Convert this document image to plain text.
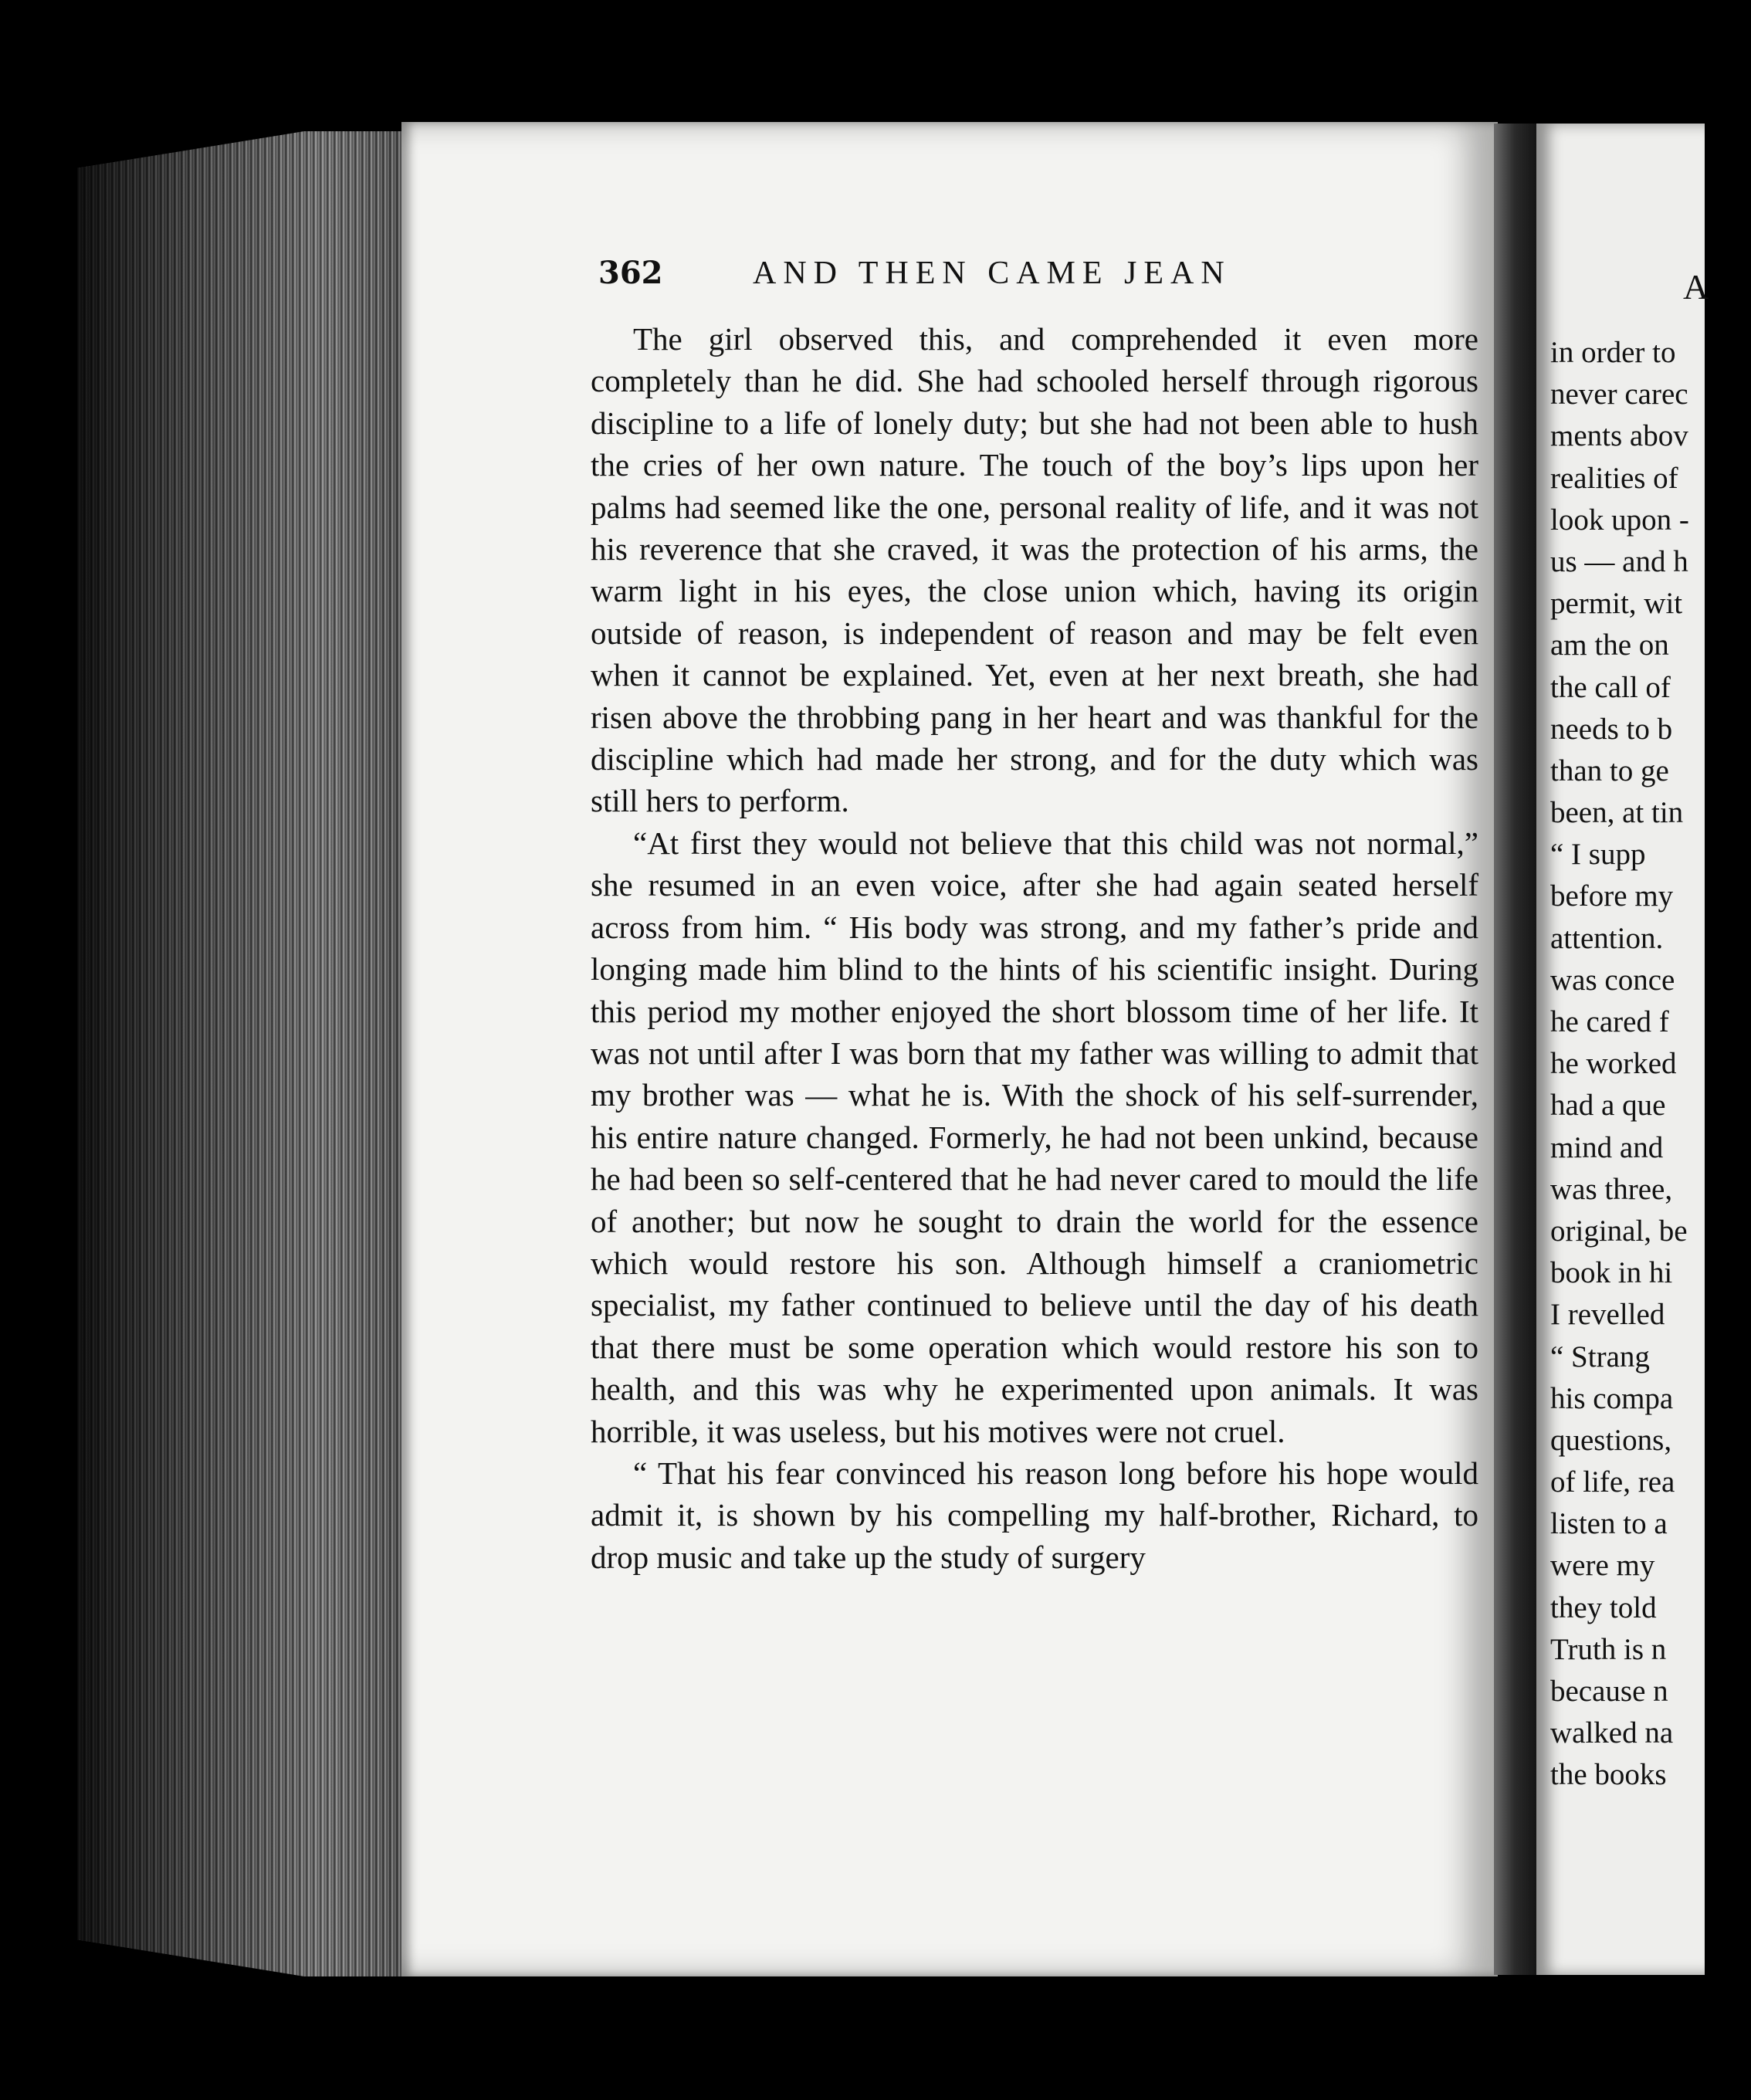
362	AND THEN CAME JEAN

The girl observed this, and comprehended it even more completely than he did. She had schooled herself through rigorous discipline to a life of lonely duty; but she had not been able to hush the cries of her own nature. The touch of the boy’s lips upon her palms had seemed like the one, personal reality of life, and it was not his reverence that she craved, it was the protection of his arms, the warm light in his eyes, the close union which, having its origin outside of reason, is independent of reason and may be felt even when it cannot be explained. Yet, even at her next breath, she had risen above the throbbing pang in her heart and was thankful for the discipline which had made her strong, and for the duty which was still hers to perform.

“At first they would not believe that this child was not normal,” she resumed in an even voice, after she had again seated herself across from him. “ His body was strong, and my father’s pride and longing made him blind to the hints of his scientific insight. During this period my mother enjoyed the short blossom time of her life. It was not until after I was born that my father was willing to admit that my brother was — what he is. With the shock of his self-surrender, his entire nature changed. Formerly, he had not been unkind, because he had been so self-centered that he had never cared to mould the life of another; but now he sought to drain the world for the essence which would restore his son. Although himself a craniometric specialist, my father continued to believe until the day of his death that there must be some operation which would restore his son to health, and this was why he experimented upon animals. It was horrible, it was useless, but his motives were not cruel.

“ That his fear convinced his reason long before his hope would admit it, is shown by his compelling my half-brother, Richard, to drop music and take up the study of surgery

A
in order to
never carec
ments abov
realities of
look upon -
us — and h
permit, wit
am the on
the call of
needs to b
than to ge
been, at tin
“ I supp
before my
attention.
was conce
he cared f
he worked
had a que
mind and
was three,
original, be
book in hi
I revelled
“ Strang
his compa
questions,
of life, rea
listen to a
were my
they told
Truth is n
because n
walked na
the books
